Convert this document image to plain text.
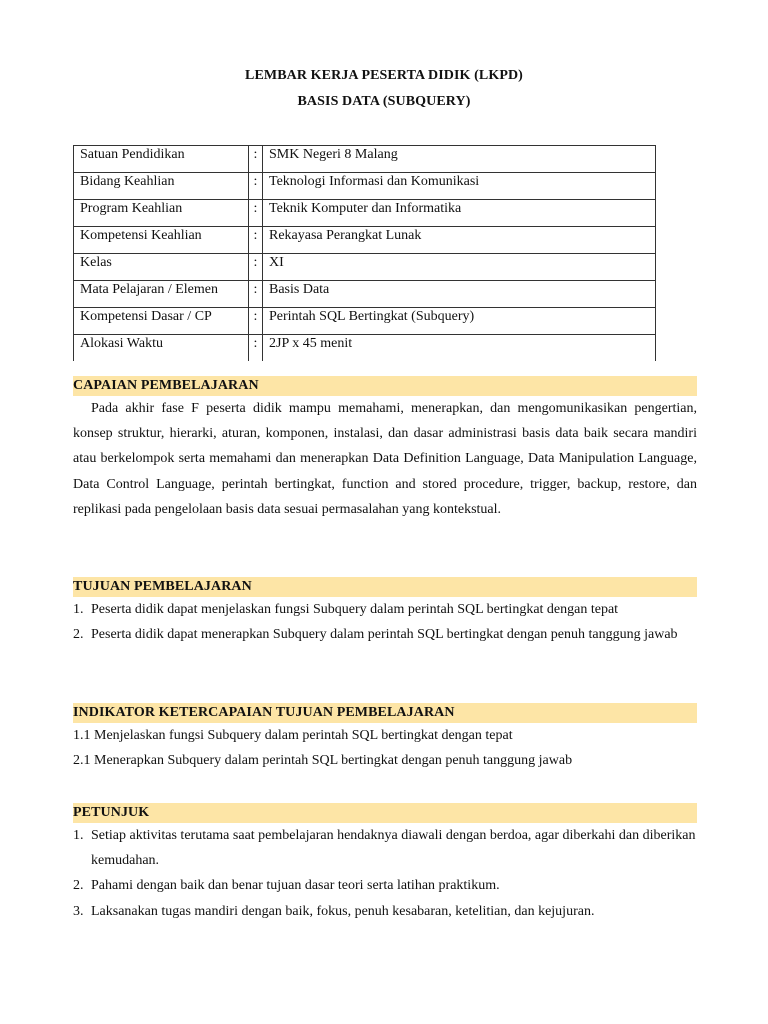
LEMBAR KERJA PESERTA DIDIK (LKPD)
BASIS DATA (SUBQUERY)
Satuan Pendidikan	:	SMK Negeri 8 Malang
Bidang Keahlian	:	Teknologi Informasi dan Komunikasi
Program Keahlian	:	Teknik Komputer dan Informatika
Kompetensi Keahlian	:	Rekayasa Perangkat Lunak
Kelas	:	XI
Mata Pelajaran / Elemen	:	Basis Data
Kompetensi Dasar / CP	:	Perintah SQL Bertingkat (Subquery)
Alokasi Waktu	:	2JP x 45 menit
CAPAIAN PEMBELAJARAN

Pada akhir fase F peserta didik mampu memahami, menerapkan, dan mengomunikasikan pengertian, konsep struktur, hierarki, aturan, komponen, instalasi, dan dasar administrasi basis data baik secara mandiri atau berkelompok serta memahami dan menerapkan Data Definition Language, Data Manipulation Language, Data Control Language, perintah bertingkat, function and stored procedure, trigger, backup, restore, dan replikasi pada pengelolaan basis data sesuai permasalahan yang kontekstual.

TUJUAN PEMBELAJARAN
1. Peserta didik dapat menjelaskan fungsi Subquery dalam perintah SQL bertingkat dengan tepat
2. Peserta didik dapat menerapkan Subquery dalam perintah SQL bertingkat dengan penuh tanggung jawab
INDIKATOR KETERCAPAIAN TUJUAN PEMBELAJARAN
1.1 Menjelaskan fungsi Subquery dalam perintah SQL bertingkat dengan tepat
2.1 Menerapkan Subquery dalam perintah SQL bertingkat dengan penuh tanggung jawab
PETUNJUK
1. Setiap aktivitas terutama saat pembelajaran hendaknya diawali dengan berdoa, agar diberkahi dan diberikan kemudahan.
2. Pahami dengan baik dan benar tujuan dasar teori serta latihan praktikum.
3. Laksanakan tugas mandiri dengan baik, fokus, penuh kesabaran, ketelitian, dan kejujuran.
